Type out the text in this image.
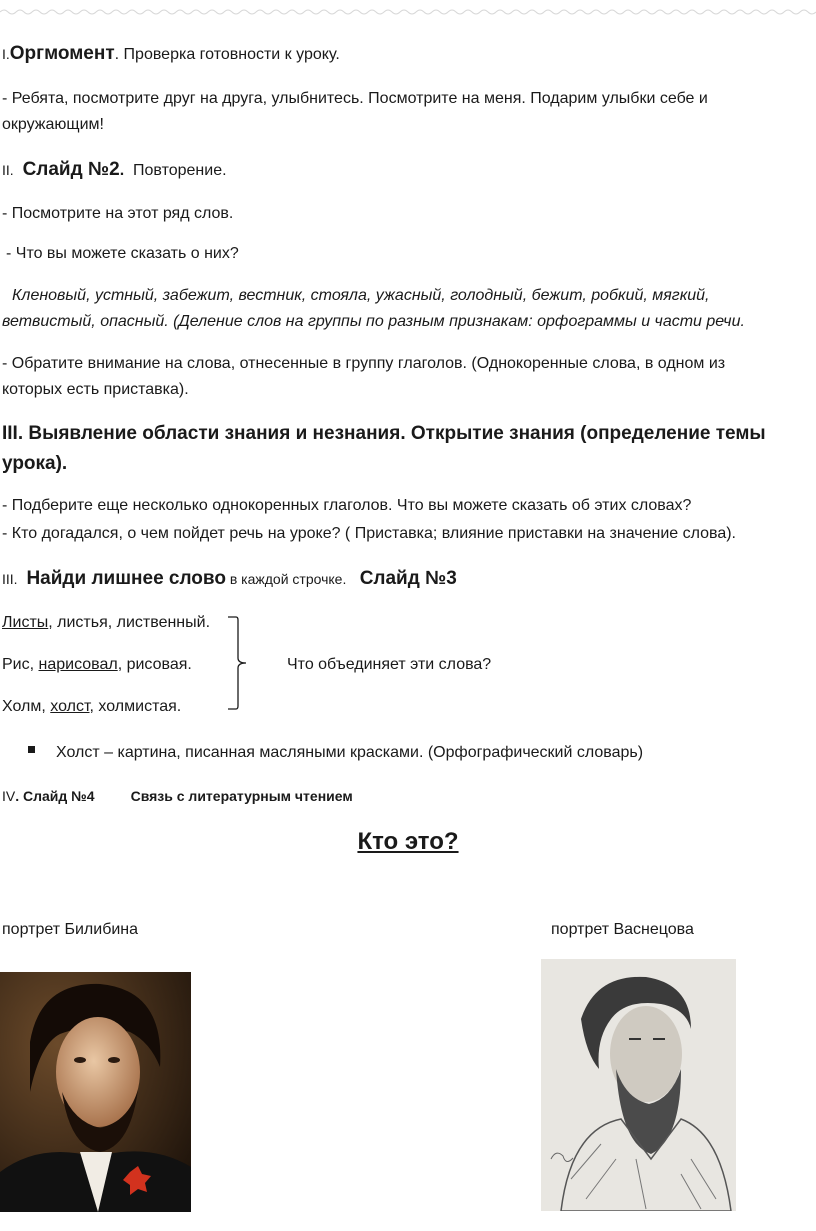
I.Оргмомент. Проверка готовности к уроку.
- Ребята, посмотрите друг на друга, улыбнитесь. Посмотрите на меня. Подарим улыбки себе и
окружающим!
II. Слайд №2. Повторение.
- Посмотрите на этот ряд слов.
- Что вы можете сказать о них?
Кленовый, устный, забежит, вестник, стояла, ужасный, голодный, бежит, робкий, мягкий,
ветвистый, опасный. (Деление слов на группы по разным признакам: орфограммы и части речи.
- Обратите внимание на слова, отнесенные в группу глаголов. (Однокоренные слова, в одном из
которых есть приставка).
III. Выявление области знания и незнания. Открытие знания (определение темы
урока).
- Подберите еще несколько однокоренных глаголов. Что вы можете сказать об этих словах?
- Кто догадался, о чем пойдет речь на уроке? ( Приставка; влияние приставки на значение слова).
III. Найди лишнее слово в каждой строчке. Слайд №3
Листы, листья, лиственный.
Рис, нарисовал, рисовая.
Холм, холст, холмистая.
Что объединяет эти слова?
Холст – картина, писанная масляными красками. (Орфографический словарь)
IV. Слайд №4	Связь с литературным чтением
Кто это?
портрет Билибина	портрет Васнецова
